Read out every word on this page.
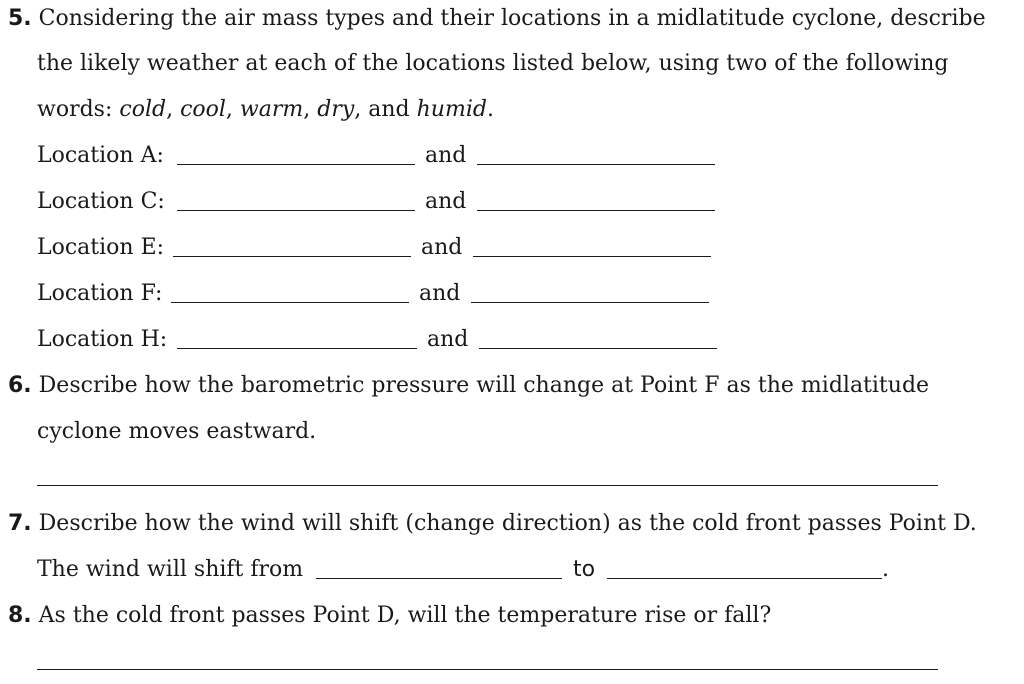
5. Considering the air mass types and their locations in a midlatitude cyclone, describe
the likely weather at each of the locations listed below, using two of the following
words: cold, cool, warm, dry, and humid.
Location A:	and
Location C:	and
Location E:	and
Location F:	and
Location H:	and
6. Describe how the barometric pressure will change at Point F as the midlatitude
cyclone moves eastward.
7. Describe how the wind will shift (change direction) as the cold front passes Point D.
The wind will shift from	to	.
8. As the cold front passes Point D, will the temperature rise or fall?
